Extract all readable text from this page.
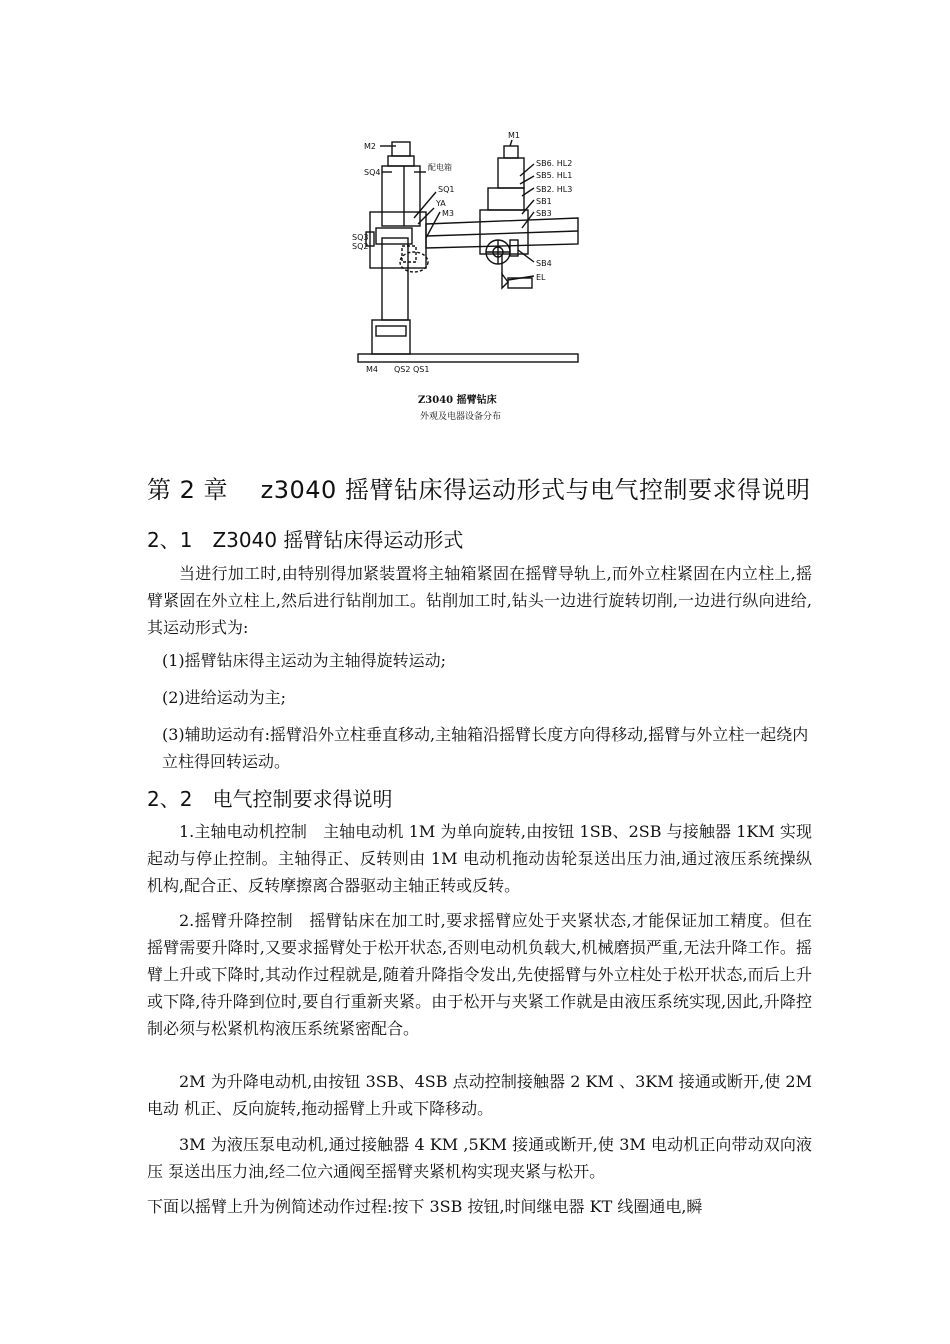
M2
SQ4
配电箱
SQ1
YA
M3
SQ3
SQ2
M1
SB6. HL2
SB5. HL1
SB2. HL3
SB1
SB3
SB4
EL
M4 QS2 QS1
Z3040 摇臂钻床
外观及电器设备分布
第 2 章　 z3040 摇臂钻床得运动形式与电气控制要求得说明
2、1　Z3040 摇臂钻床得运动形式
当进行加工时,由特别得加紧装置将主轴箱紧固在摇臂导轨上,而外立柱紧固在内立柱上,摇臂紧固在外立柱上,然后进行钻削加工。钻削加工时,钻头一边进行旋转切削,一边进行纵向进给,其运动形式为:
(1)摇臂钻床得主运动为主轴得旋转运动;
(2)进给运动为主;
(3)辅助运动有:摇臂沿外立柱垂直移动,主轴箱沿摇臂长度方向得移动,摇臂与外立柱一起绕内立柱得回转运动。
2、2　电气控制要求得说明
1.主轴电动机控制　主轴电动机 1M 为单向旋转,由按钮 1SB、2SB 与接触器 1KM 实现起动与停止控制。主轴得正、反转则由 1M 电动机拖动齿轮泵送出压力油,通过液压系统操纵机构,配合正、反转摩擦离合器驱动主轴正转或反转。
2.摇臂升降控制　摇臂钻床在加工时,要求摇臂应处于夹紧状态,才能保证加工精度。但在摇臂需要升降时,又要求摇臂处于松开状态,否则电动机负载大,机械磨损严重,无法升降工作。摇臂上升或下降时,其动作过程就是,随着升降指令发出,先使摇臂与外立柱处于松开状态,而后上升或下降,待升降到位时,要自行重新夹紧。由于松开与夹紧工作就是由液压系统实现,因此,升降控制必须与松紧机构液压系统紧密配合。
2M 为升降电动机,由按钮 3SB、4SB 点动控制接触器 2 KM 、3KM 接通或断开,使 2M 电动 机正、反向旋转,拖动摇臂上升或下降移动。
3M 为液压泵电动机,通过接触器 4 KM ,5KM 接通或断开,使 3M 电动机正向带动双向液压 泵送出压力油,经二位六通阀至摇臂夹紧机构实现夹紧与松开。
下面以摇臂上升为例简述动作过程:按下 3SB 按钮,时间继电器 KT 线圈通电,瞬
